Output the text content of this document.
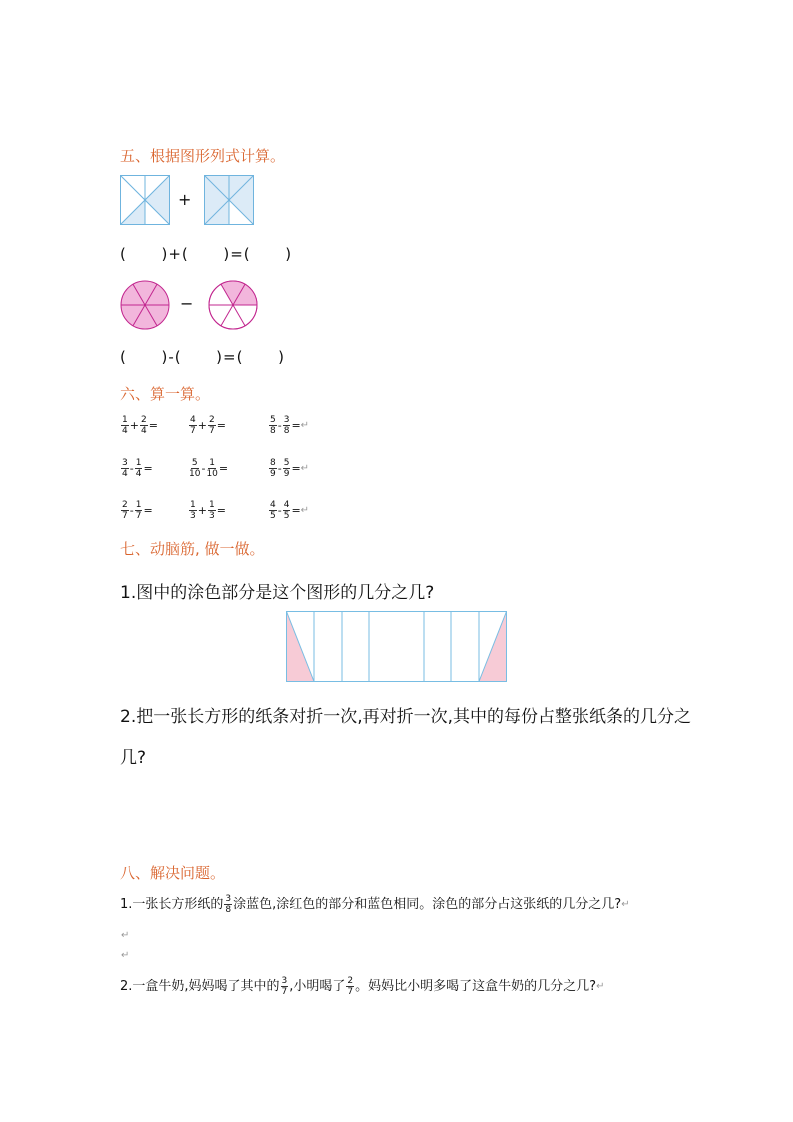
五、根据图形列式计算。
+
(      )+(      )=(      )
−
(      )-(      )=(      )
六、算一算。
$\frac{1}{4} + \frac{2}{4}$ =	$\frac{4}{7} + \frac{2}{7}$ =	$\frac{5}{8} - \frac{3}{8}$ =↵
$\frac{3}{4} - \frac{1}{4}$ =	$\frac{5}{10} - \frac{1}{10}$ =	$\frac{8}{9} - \frac{5}{9}$ =↵
$\frac{2}{7} - \frac{1}{7}$ =	$\frac{1}{3} + \frac{1}{3}$ =	$\frac{4}{5} - \frac{4}{5}$ =↵
七、动脑筋, 做一做。
1.图中的涂色部分是这个图形的几分之几?
2.把一张长方形的纸条对折一次,再对折一次,其中的每份占整张纸条的几分之
几?
八、解决问题。
1.一张长方形纸的 $\frac{3}{8}$ 涂蓝色,涂红色的部分和蓝色相同。涂色的部分占这张纸的几分之几?↵
↵
↵
2.一盒牛奶,妈妈喝了其中的 $\frac{3}{7}$ ,小明喝了 $\frac{2}{7}$ 。妈妈比小明多喝了这盒牛奶的几分之几?↵
